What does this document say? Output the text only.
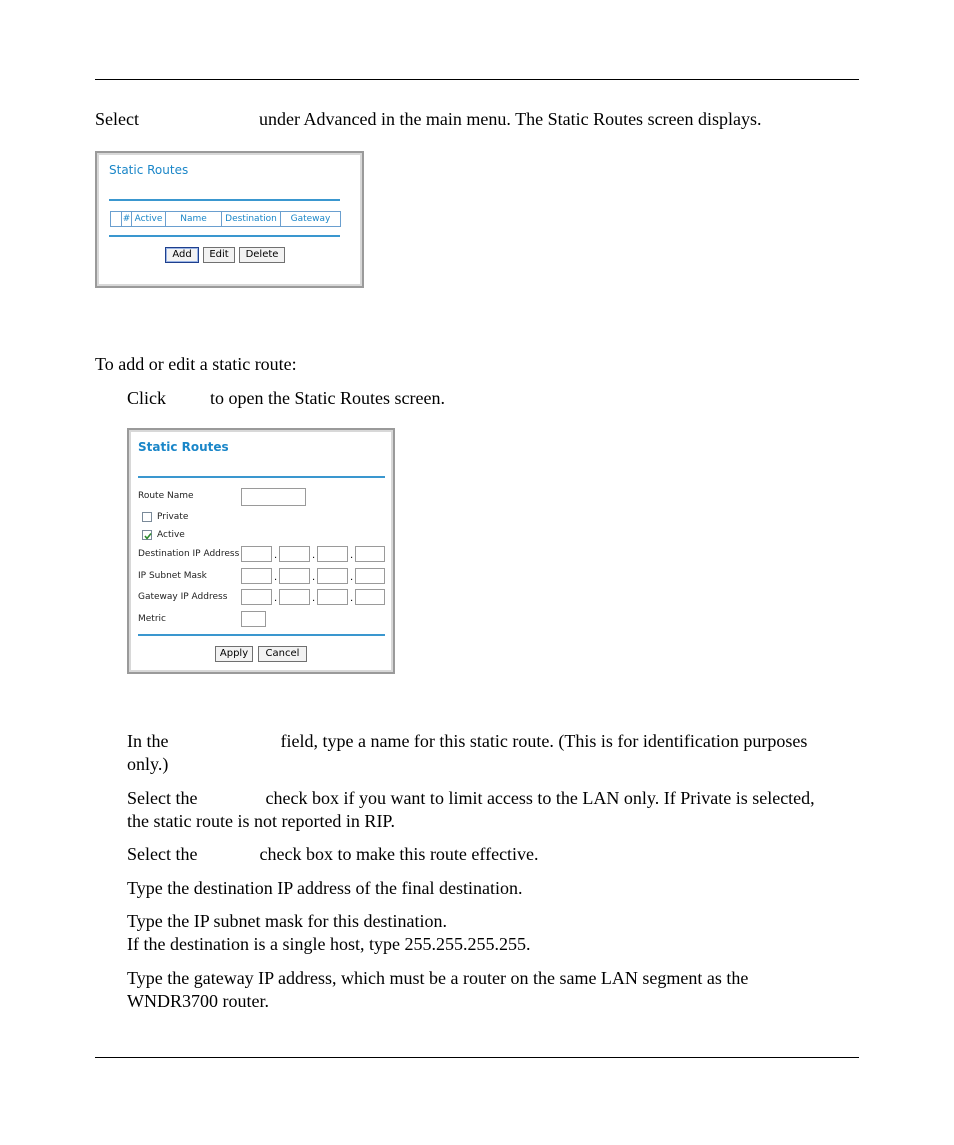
Select	under Advanced in the main menu. The Static Routes screen displays.
Static Routes
# Active	Name	Destination	Gateway
Add	Edit	Delete
To add or edit a static route:
Click to open the Static Routes screen.
Static Routes
Route Name
Private
Active
Destination IP Address	.	.	.
IP Subnet Mask	.	.	.
Gateway IP Address	.	.	.
Metric
Apply	Cancel
In the	field, type a name for this static route. (This is for identification purposes
only.)
Select the	check box if you want to limit access to the LAN only. If Private is selected,
the static route is not reported in RIP.
Select the	check box to make this route effective.
Type the destination IP address of the final destination.
Type the IP subnet mask for this destination.
If the destination is a single host, type 255.255.255.255.
Type the gateway IP address, which must be a router on the same LAN segment as the
WNDR3700 router.
